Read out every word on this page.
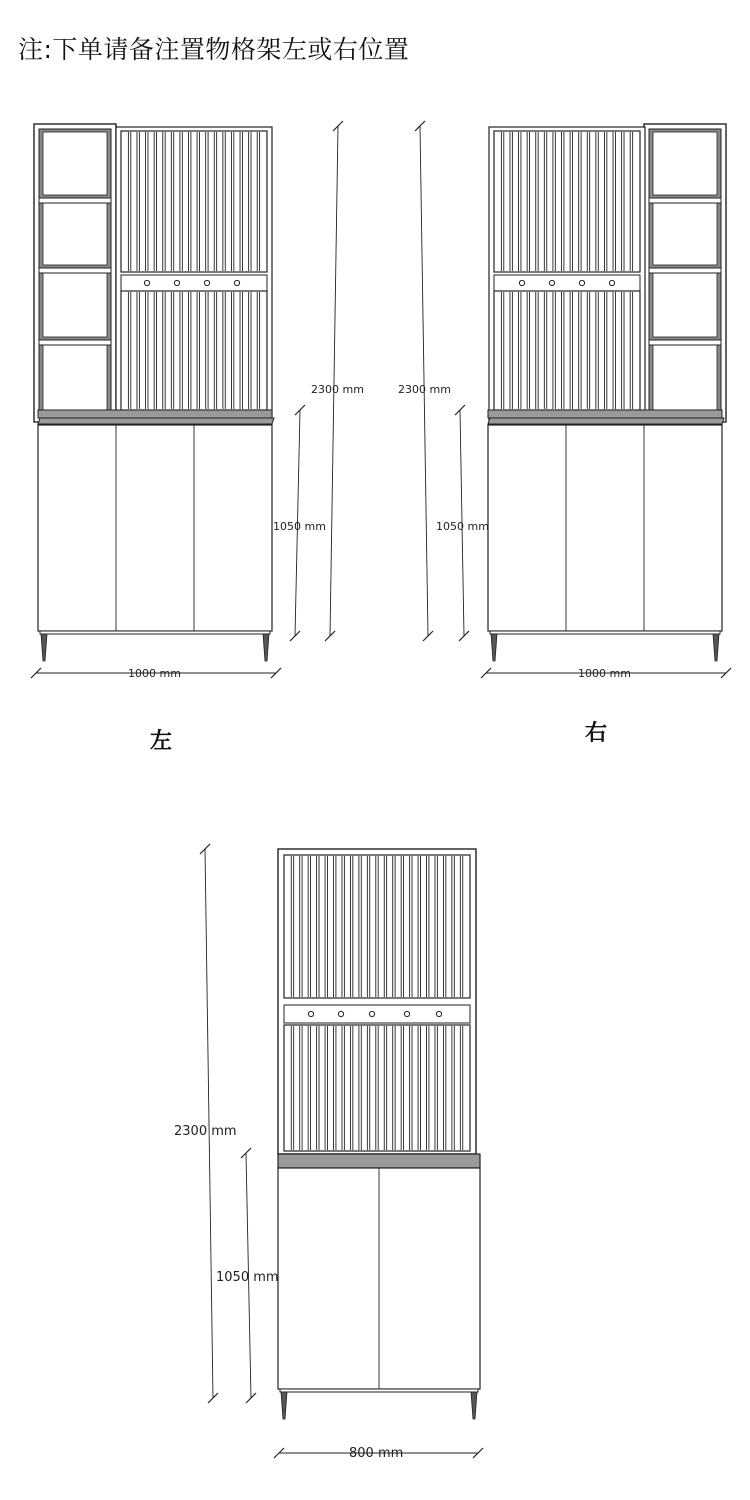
注:下单请备注置物格架左或右位置
左	右
2300 mm
1050 mm
1000 mm
2300 mm
1050 mm
1000 mm
2300 mm
1050 mm
800 mm
